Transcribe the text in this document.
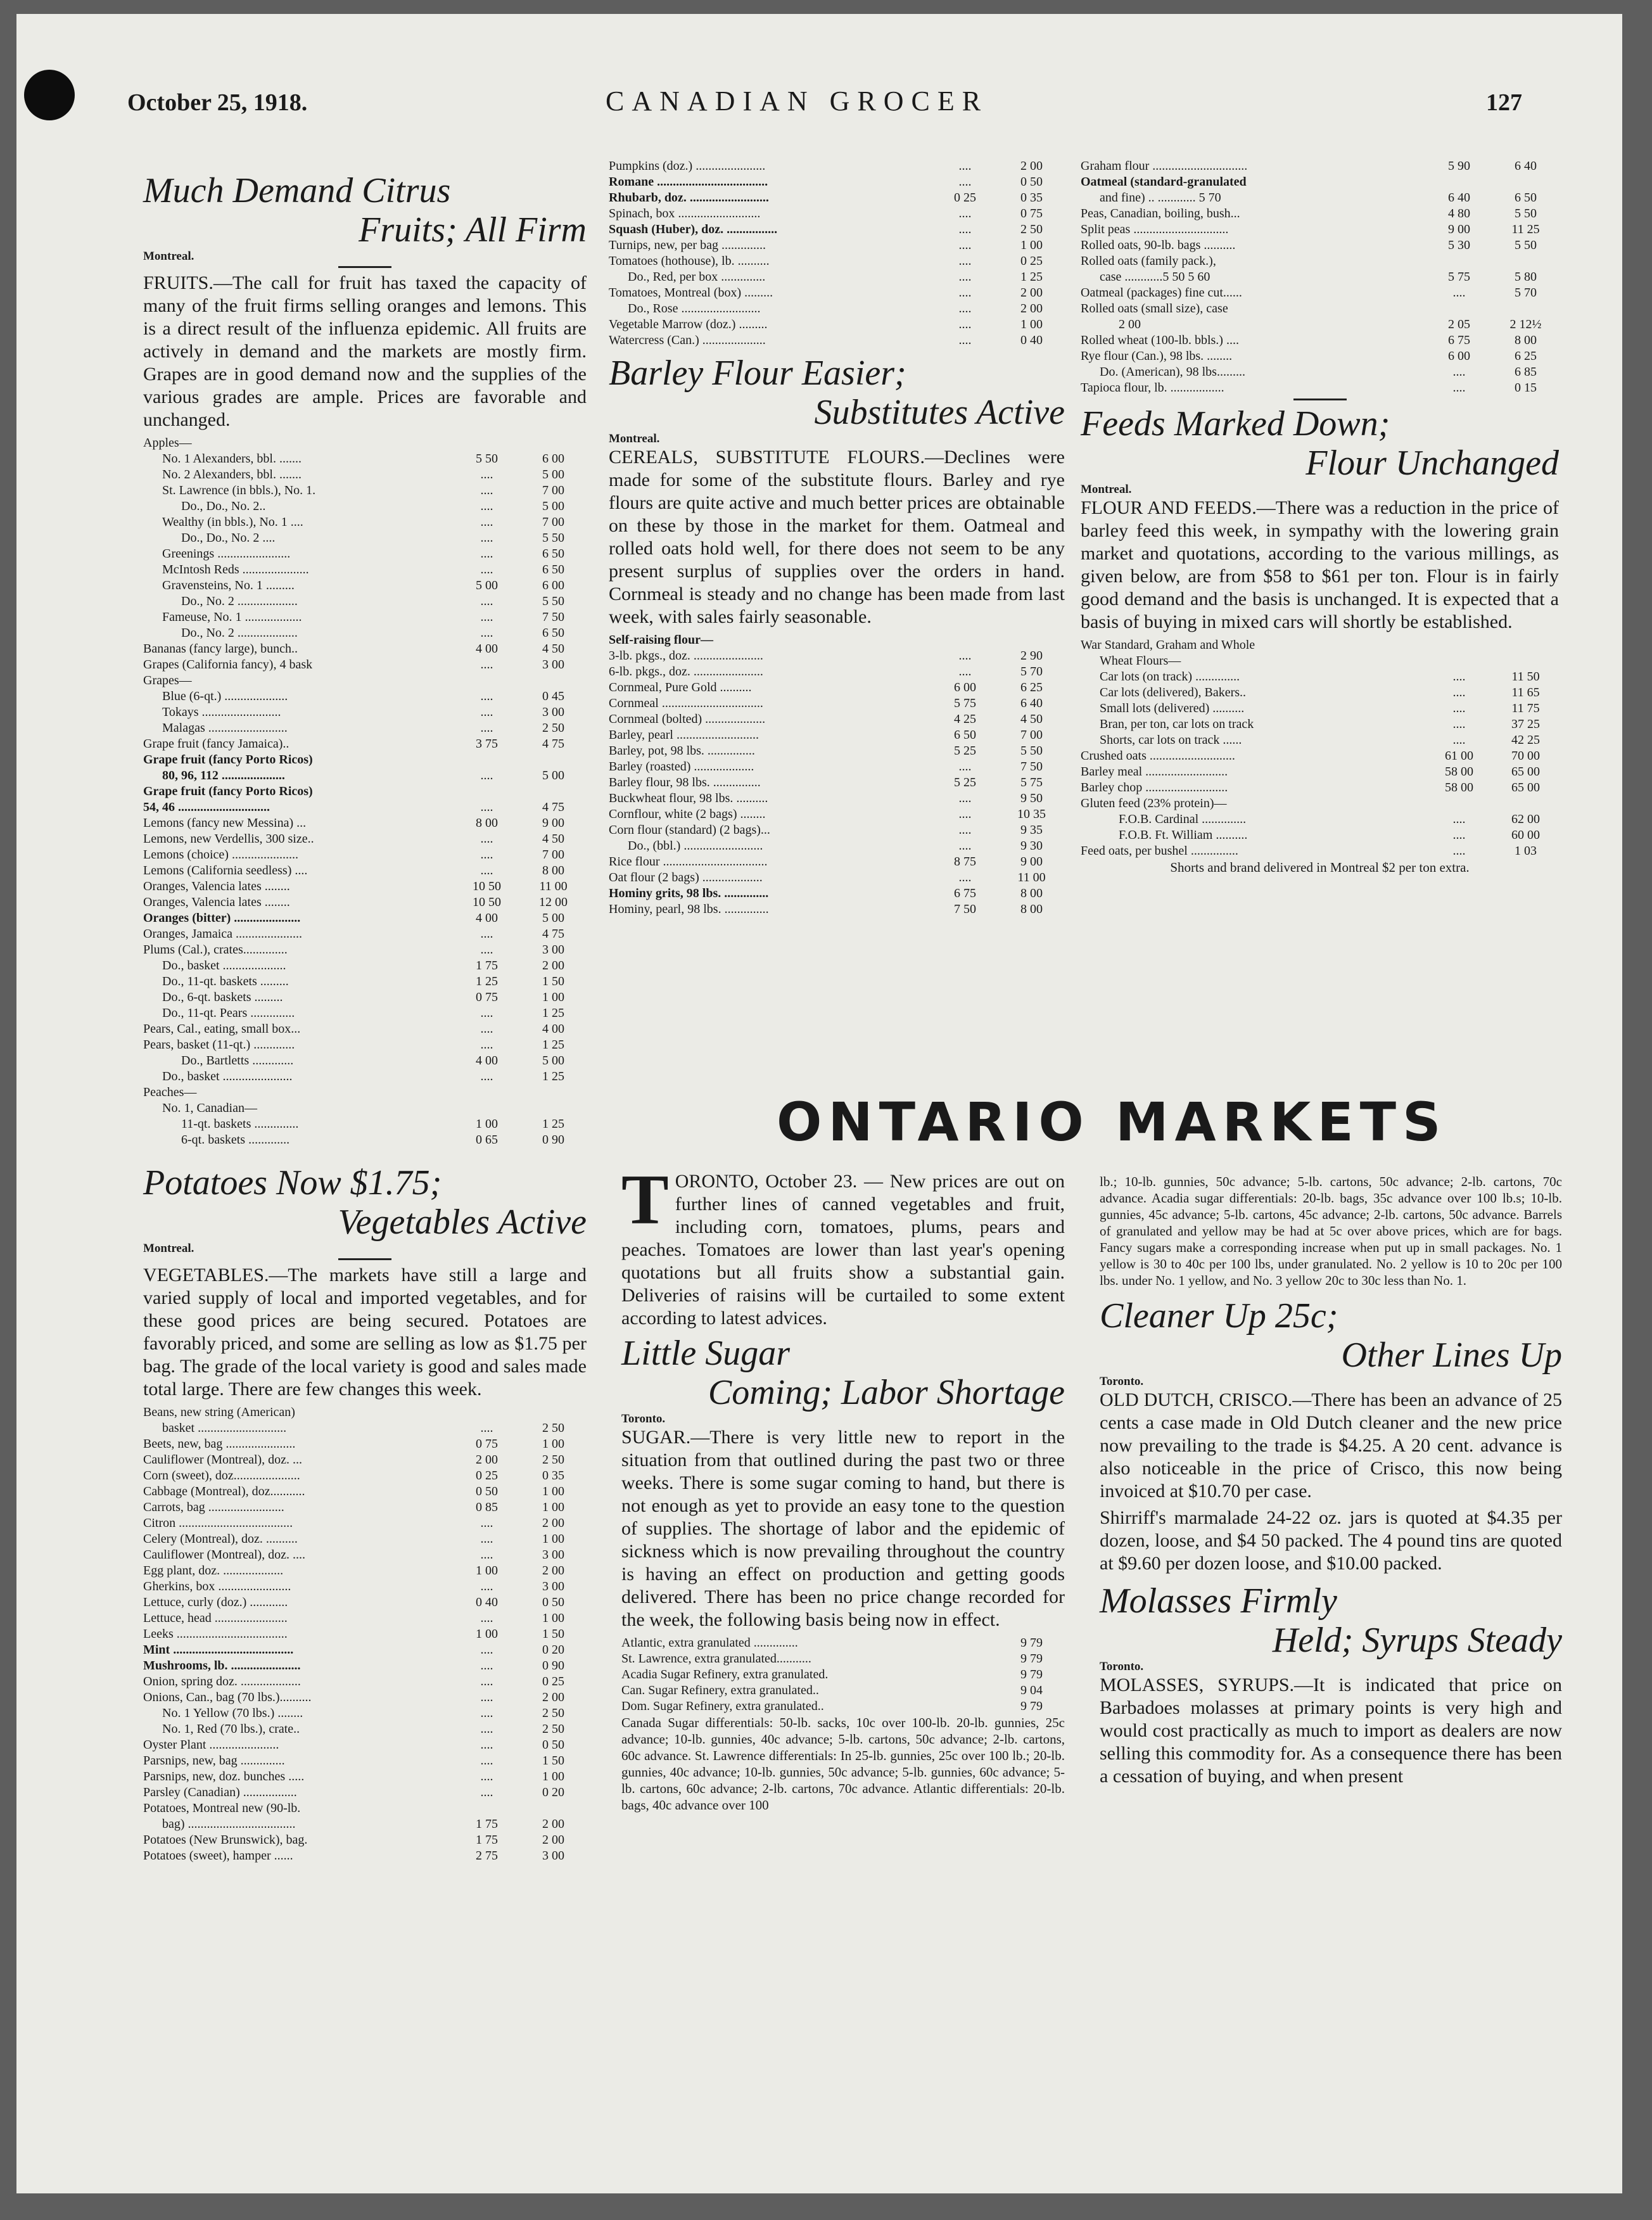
October 25, 1918.	CANADIAN GROCER	127
Much Demand Citrus
Fruits; All Firm
Montreal.

FRUITS.—The call for fruit has taxed the capacity of many of the fruit firms selling oranges and lemons. This is a direct result of the influenza epidemic. All fruits are actively in demand and the markets are mostly firm. Grapes are in good demand now and the supplies of the various grades are ample. Prices are favorable and unchanged.

Apples—		
No. 1 Alexanders, bbl. .......	5 50	6 00
No. 2 Alexanders, bbl. .......	....	5 00
St. Lawrence (in bbls.), No. 1.	....	7 00
Do., Do., No. 2..	....	5 00
Wealthy (in bbls.), No. 1 ....	....	7 00
Do., Do., No. 2 ....	....	5 50
Greenings .......................	....	6 50
McIntosh Reds .....................	....	6 50
Gravensteins, No. 1 .........	5 00	6 00
Do., No. 2 ...................	....	5 50
Fameuse, No. 1 ..................	....	7 50
Do., No. 2 ...................	....	6 50
Bananas (fancy large), bunch..	4 00	4 50
Grapes (California fancy), 4 bask	....	3 00
Grapes—		
Blue (6-qt.) ....................	....	0 45
Tokays .........................	....	3 00
Malagas .........................	....	2 50
Grape fruit (fancy Jamaica)..	3 75	4 75
Grape fruit (fancy Porto Ricos)		
80, 96, 112 ....................	....	5 00
Grape fruit (fancy Porto Ricos)		
54, 46 .............................	....	4 75
Lemons (fancy new Messina) ...	8 00	9 00
Lemons, new Verdellis, 300 size..	....	4 50
Lemons (choice) .....................	....	7 00
Lemons (California seedless) ....	....	8 00
Oranges, Valencia lates ........	10 50	11 00
Oranges, Valencia lates ........	10 50	12 00
Oranges (bitter) .....................	4 00	5 00
Oranges, Jamaica .....................	....	4 75
Plums (Cal.), crates..............	....	3 00
Do., basket ....................	1 75	2 00
Do., 11-qt. baskets .........	1 25	1 50
Do., 6-qt. baskets .........	0 75	1 00
Do., 11-qt. Pears ..............	....	1 25
Pears, Cal., eating, small box...	....	4 00
Pears, basket (11-qt.) .............	....	1 25
Do., Bartletts .............	4 00	5 00
Do., basket ......................	....	1 25
Peaches—		
No. 1, Canadian—		
11-qt. baskets ..............	1 00	1 25
6-qt. baskets .............	0 65	0 90
Potatoes Now $1.75;
Vegetables Active
Montreal.

VEGETABLES.—The markets have still a large and varied supply of local and imported vegetables, and for these good prices are being secured. Potatoes are favorably priced, and some are selling as low as $1.75 per bag. The grade of the local variety is good and sales made total large. There are few changes this week.

Beans, new string (American)		
basket ............................	....	2 50
Beets, new, bag ......................	0 75	1 00
Cauliflower (Montreal), doz. ...	2 00	2 50
Corn (sweet), doz.....................	0 25	0 35
Cabbage (Montreal), doz...........	0 50	1 00
Carrots, bag ........................	0 85	1 00
Citron ....................................	....	2 00
Celery (Montreal), doz. ..........	....	1 00
Cauliflower (Montreal), doz. ....	....	3 00
Egg plant, doz. ...................	1 00	2 00
Gherkins, box .......................	....	3 00
Lettuce, curly (doz.) ............	0 40	0 50
Lettuce, head .......................	....	1 00
Leeks ...................................	1 00	1 50
Mint ......................................	....	0 20
Mushrooms, lb. ......................	....	0 90
Onion, spring doz. ...................	....	0 25
Onions, Can., bag (70 lbs.)..........	....	2 00
No. 1 Yellow (70 lbs.) ........	....	2 50
No. 1, Red (70 lbs.), crate..	....	2 50
Oyster Plant ......................	....	0 50
Parsnips, new, bag ..............	....	1 50
Parsnips, new, doz. bunches .....	....	1 00
Parsley (Canadian) .................	....	0 20
Potatoes, Montreal new (90-lb.		
bag) ..................................	1 75	2 00
Potatoes (New Brunswick), bag.	1 75	2 00
Potatoes (sweet), hamper ......	2 75	3 00
Pumpkins (doz.) ......................	....	2 00
Romane ...................................	....	0 50
Rhubarb, doz. .........................	0 25	0 35
Spinach, box ..........................	....	0 75
Squash (Huber), doz. ................	....	2 50
Turnips, new, per bag ..............	....	1 00
Tomatoes (hothouse), lb. ..........	....	0 25
Do., Red, per box ..............	....	1 25
Tomatoes, Montreal (box) .........	....	2 00
Do., Rose .........................	....	2 00
Vegetable Marrow (doz.) .........	....	1 00
Watercress (Can.) ....................	....	0 40
Barley Flour Easier;
Substitutes Active
Montreal.

CEREALS, SUBSTITUTE FLOURS.—Declines were made for some of the substitute flours. Barley and rye flours are quite active and much better prices are obtainable on these by those in the market for them. Oatmeal and rolled oats hold well, for there does not seem to be any present surplus of supplies over the orders in hand. Cornmeal is steady and no change has been made from last week, with sales fairly seasonable.

Self-raising flour—		
3-lb. pkgs., doz. ......................	....	2 90
6-lb. pkgs., doz. ......................	....	5 70
Cornmeal, Pure Gold ..........	6 00	6 25
Cornmeal ................................	5 75	6 40
Cornmeal (bolted) ...................	4 25	4 50
Barley, pearl ..........................	6 50	7 00
Barley, pot, 98 lbs. ...............	5 25	5 50
Barley (roasted) ...................	....	7 50
Barley flour, 98 lbs. ...............	5 25	5 75
Buckwheat flour, 98 lbs. ..........	....	9 50
Cornflour, white (2 bags) ........	....	10 35
Corn flour (standard) (2 bags)...	....	9 35
Do., (bbl.) .........................	....	9 30
Rice flour .................................	8 75	9 00
Oat flour (2 bags) ...................	....	11 00
Hominy grits, 98 lbs. ..............	6 75	8 00
Hominy, pearl, 98 lbs. ..............	7 50	8 00
Graham flour ..............................	5 90	6 40
Oatmeal (standard-granulated		
and fine) .. ............ 5 70	6 40	6 50
Peas, Canadian, boiling, bush...	4 80	5 50
Split peas ..............................	9 00	11 25
Rolled oats, 90-lb. bags ..........	5 30	5 50
Rolled oats (family pack.),		
case ............5 50 5 60	5 75	5 80
Oatmeal (packages) fine cut......	....	5 70
Rolled oats (small size), case		
2 00	2 05	2 12½
Rolled wheat (100-lb. bbls.) ....	6 75	8 00
Rye flour (Can.), 98 lbs. ........	6 00	6 25
Do. (American), 98 lbs.........	....	6 85
Tapioca flour, lb. .................	....	0 15
Feeds Marked Down;
Flour Unchanged
Montreal.

FLOUR AND FEEDS.—There was a reduction in the price of barley feed this week, in sympathy with the lowering grain market and quotations, according to the various millings, as given below, are from $58 to $61 per ton. Flour is in fairly good demand and the basis is unchanged. It is expected that a basis of buying in mixed cars will shortly be established.

War Standard, Graham and Whole		
Wheat Flours—		
Car lots (on track) ..............	....	11 50
Car lots (delivered), Bakers..	....	11 65
Small lots (delivered) ..........	....	11 75
Bran, per ton, car lots on track	....	37 25
Shorts, car lots on track ......	....	42 25
Crushed oats ...........................	61 00	70 00
Barley meal ..........................	58 00	65 00
Barley chop ..........................	58 00	65 00
Gluten feed (23% protein)—		
F.O.B. Cardinal ..............	....	62 00
F.O.B. Ft. William ..........	....	60 00
Feed oats, per bushel ...............	....	1 03
Shorts and brand delivered in Montreal $2 per ton extra.
ONTARIO MARKETS

TORONTO, October 23. — New prices are out on further lines of canned vegetables and fruit, including corn, tomatoes, plums, pears and peaches. Tomatoes are lower than last year's opening quotations but all fruits show a substantial gain. Deliveries of raisins will be curtailed to some extent according to latest advices.

Little Sugar
Coming; Labor Shortage
Toronto.

SUGAR.—There is very little new to report in the situation from that outlined during the past two or three weeks. There is some sugar coming to hand, but there is not enough as yet to provide an easy tone to the question of supplies. The shortage of labor and the epidemic of sickness which is now prevailing throughout the country is having an effect on production and getting goods delivered. There has been no price change recorded for the week, the following basis being now in effect.

Atlantic, extra granulated ..............		9 79
St. Lawrence, extra granulated...........		9 79
Acadia Sugar Refinery, extra granulated.		9 79
Can. Sugar Refinery, extra granulated..		9 04
Dom. Sugar Refinery, extra granulated..		9 79

Canada Sugar differentials: 50-lb. sacks, 10c over 100-lb. 20-lb. gunnies, 25c advance; 10-lb. gunnies, 40c advance; 5-lb. cartons, 50c advance; 2-lb. cartons, 60c advance. St. Lawrence differentials: In 25-lb. gunnies, 25c over 100 lb.; 20-lb. gunnies, 40c advance; 10-lb. gunnies, 50c advance; 5-lb. gunnies, 60c advance; 5-lb. cartons, 60c advance; 2-lb. cartons, 70c advance. Atlantic differentials: 20-lb. bags, 40c advance over 100

lb.; 10-lb. gunnies, 50c advance; 5-lb. cartons, 50c advance; 2-lb. cartons, 70c advance. Acadia sugar differentials: 20-lb. bags, 35c advance over 100 lb.s; 10-lb. gunnies, 45c advance; 5-lb. cartons, 45c advance; 2-lb. cartons, 50c advance. Barrels of granulated and yellow may be had at 5c over above prices, which are for bags. Fancy sugars make a corresponding increase when put up in small packages. No. 1 yellow is 30 to 40c per 100 lbs, under granulated. No. 2 yellow is 10 to 20c per 100 lbs. under No. 1 yellow, and No. 3 yellow 20c to 30c less than No. 1.

Cleaner Up 25c;
Other Lines Up
Toronto.

OLD DUTCH, CRISCO.—There has been an advance of 25 cents a case made in Old Dutch cleaner and the new price now prevailing to the trade is $4.25. A 20 cent. advance is also noticeable in the price of Crisco, this now being invoiced at $10.70 per case.

Shirriff's marmalade 24-22 oz. jars is quoted at $4.35 per dozen, loose, and $4 50 packed. The 4 pound tins are quoted at $9.60 per dozen loose, and $10.00 packed.

Molasses Firmly
Held; Syrups Steady
Toronto.

MOLASSES, SYRUPS.—It is indicated that price on Barbadoes molasses at primary points is very high and would cost practically as much to import as dealers are now selling this commodity for. As a consequence there has been a cessation of buying, and when present
